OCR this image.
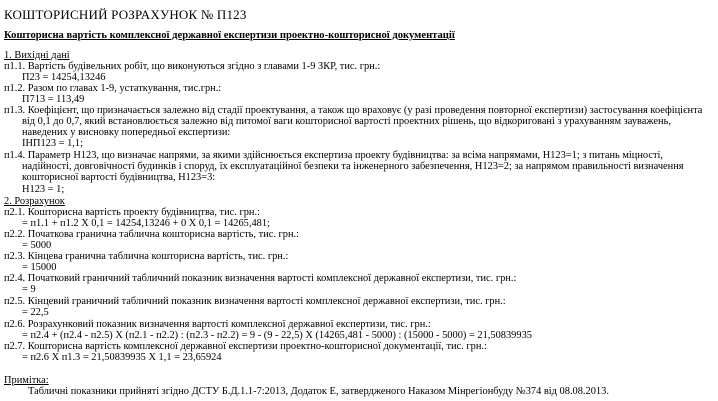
КОШТОРИСНИЙ РОЗРАХУНОК № П123
Кошторисна вартість комплексної державної експертизи проектно-кошторисної документації
1. Вихідні дані
п1.1. Вартість будівельних робіт, що виконуються згідно з главами 1-9 ЗКР, тис. грн.:
П23 = 14254,13246
п1.2. Разом по главах 1-9, устаткування, тис.грн.:
П713 = 113,49
п1.3. Коефіцієнт, що призначається залежно від стадії проектування, а також що враховує (у разі проведення повторної експертизи) застосування коефіцієнта
від 0,1 до 0,7, який встановлюється залежно від питомої ваги кошторисної вартості проектних рішень, що відкориговані з урахуванням зауважень,
наведених у висновку попередньої експертизи:
ІНП123 = 1,1;
п1.4. Параметр Н123, що визначає напрями, за якими здійснюється експертиза проекту будівництва: за всіма напрямами, Н123=1; з питань міцності,
надійності, довговічності будинків і споруд, їх експлуатаційної безпеки та інженерного забезпечення, Н123=2; за напрямом правильності визначення
кошторисної вартості будівництва, Н123=3:
Н123 = 1;
2. Розрахунок
п2.1. Кошторисна вартість проекту будівництва, тис. грн.:
= п1.1 + п1.2 X 0,1 = 14254,13246 + 0 X 0,1 = 14265,481;
п2.2. Початкова гранична таблична кошторисна вартість, тис. грн.:
= 5000
п2.3. Кінцева гранична таблична кошторисна вартість, тис. грн.:
= 15000
п2.4. Початковий граничний табличний показник визначення вартості комплексної державної експертизи, тис. грн.:
= 9
п2.5. Кінцевий граничний табличний показник визначення вартості комплексної державної експертизи, тис. грн.:
= 22,5
п2.6. Розрахунковий показник визначення вартості комплексної державної експертизи, тис. грн.:
= п2.4 + (п2.4 - п2.5) X (п2.1 - п2.2) : (п2.3 - п2.2) = 9 - (9 - 22,5) X (14265,481 - 5000) : (15000 - 5000) = 21,50839935
п2.7. Кошторисна вартість комплексної державної експертизи проектно-кошторисної документації, тис. грн.:
= п2.6 X п1.3 = 21,50839935 X 1,1 = 23,65924
Примітка:
Табличні показники прийняті згідно ДСТУ Б.Д.1.1-7:2013, Додаток Е, затвердженого Наказом Мінрегіонбуду №374 від 08.08.2013.
